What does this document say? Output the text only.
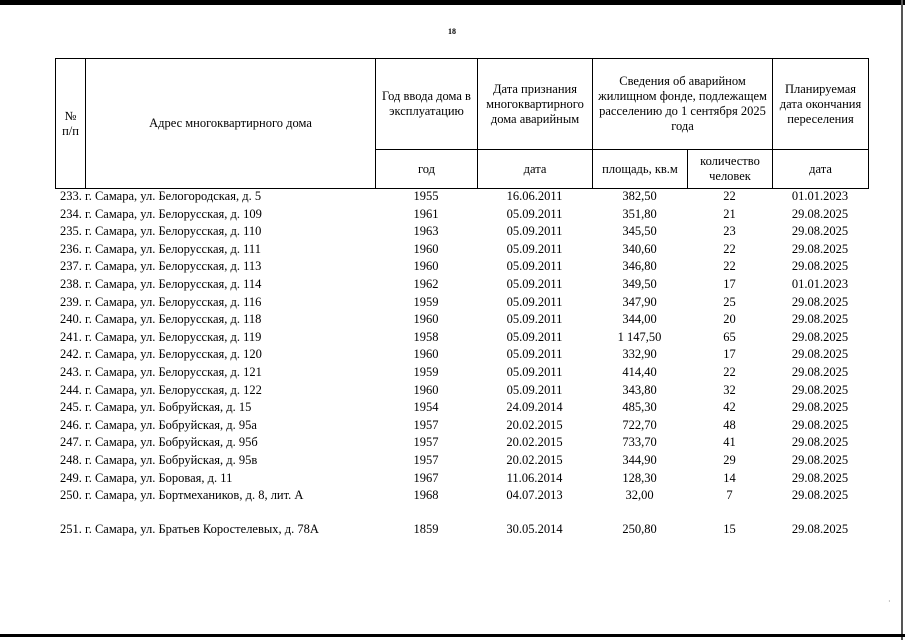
·
18
№ п/п	Адрес многоквартирного дома	Год ввода дома в эксплуатацию	Дата признания многоквартирного дома аварийным	Сведения об аварийном жилищном фонде, подлежащем расселению до 1 сентября 2025 года		Планируемая дата окончания переселения
		год	дата	площадь, кв.м	количество человек	дата
233. г. Самара, ул. Белогородская, д. 5	1955	16.06.2011	382,50	22	01.01.2023
234. г. Самара, ул. Белорусская, д. 109	1961	05.09.2011	351,80	21	29.08.2025
235. г. Самара, ул. Белорусская, д. 110	1963	05.09.2011	345,50	23	29.08.2025
236. г. Самара, ул. Белорусская, д. 111	1960	05.09.2011	340,60	22	29.08.2025
237. г. Самара, ул. Белорусская, д. 113	1960	05.09.2011	346,80	22	29.08.2025
238. г. Самара, ул. Белорусская, д. 114	1962	05.09.2011	349,50	17	01.01.2023
239. г. Самара, ул. Белорусская, д. 116	1959	05.09.2011	347,90	25	29.08.2025
240. г. Самара, ул. Белорусская, д. 118	1960	05.09.2011	344,00	20	29.08.2025
241. г. Самара, ул. Белорусская, д. 119	1958	05.09.2011	1 147,50	65	29.08.2025
242. г. Самара, ул. Белорусская, д. 120	1960	05.09.2011	332,90	17	29.08.2025
243. г. Самара, ул. Белорусская, д. 121	1959	05.09.2011	414,40	22	29.08.2025
244. г. Самара, ул. Белорусская, д. 122	1960	05.09.2011	343,80	32	29.08.2025
245. г. Самара, ул. Бобруйская, д. 15	1954	24.09.2014	485,30	42	29.08.2025
246. г. Самара, ул. Бобруйская, д. 95а	1957	20.02.2015	722,70	48	29.08.2025
247. г. Самара, ул. Бобруйская, д. 95б	1957	20.02.2015	733,70	41	29.08.2025
248. г. Самара, ул. Бобруйская, д. 95в	1957	20.02.2015	344,90	29	29.08.2025
249. г. Самара, ул. Боровая, д. 11	1967	11.06.2014	128,30	14	29.08.2025
250. г. Самара, ул. Бортмехаников, д. 8, лит. А	1968	04.07.2013	32,00	7	29.08.2025
251. г. Самара, ул. Братьев Коростелевых, д. 78А	1859	30.05.2014	250,80	15	29.08.2025
